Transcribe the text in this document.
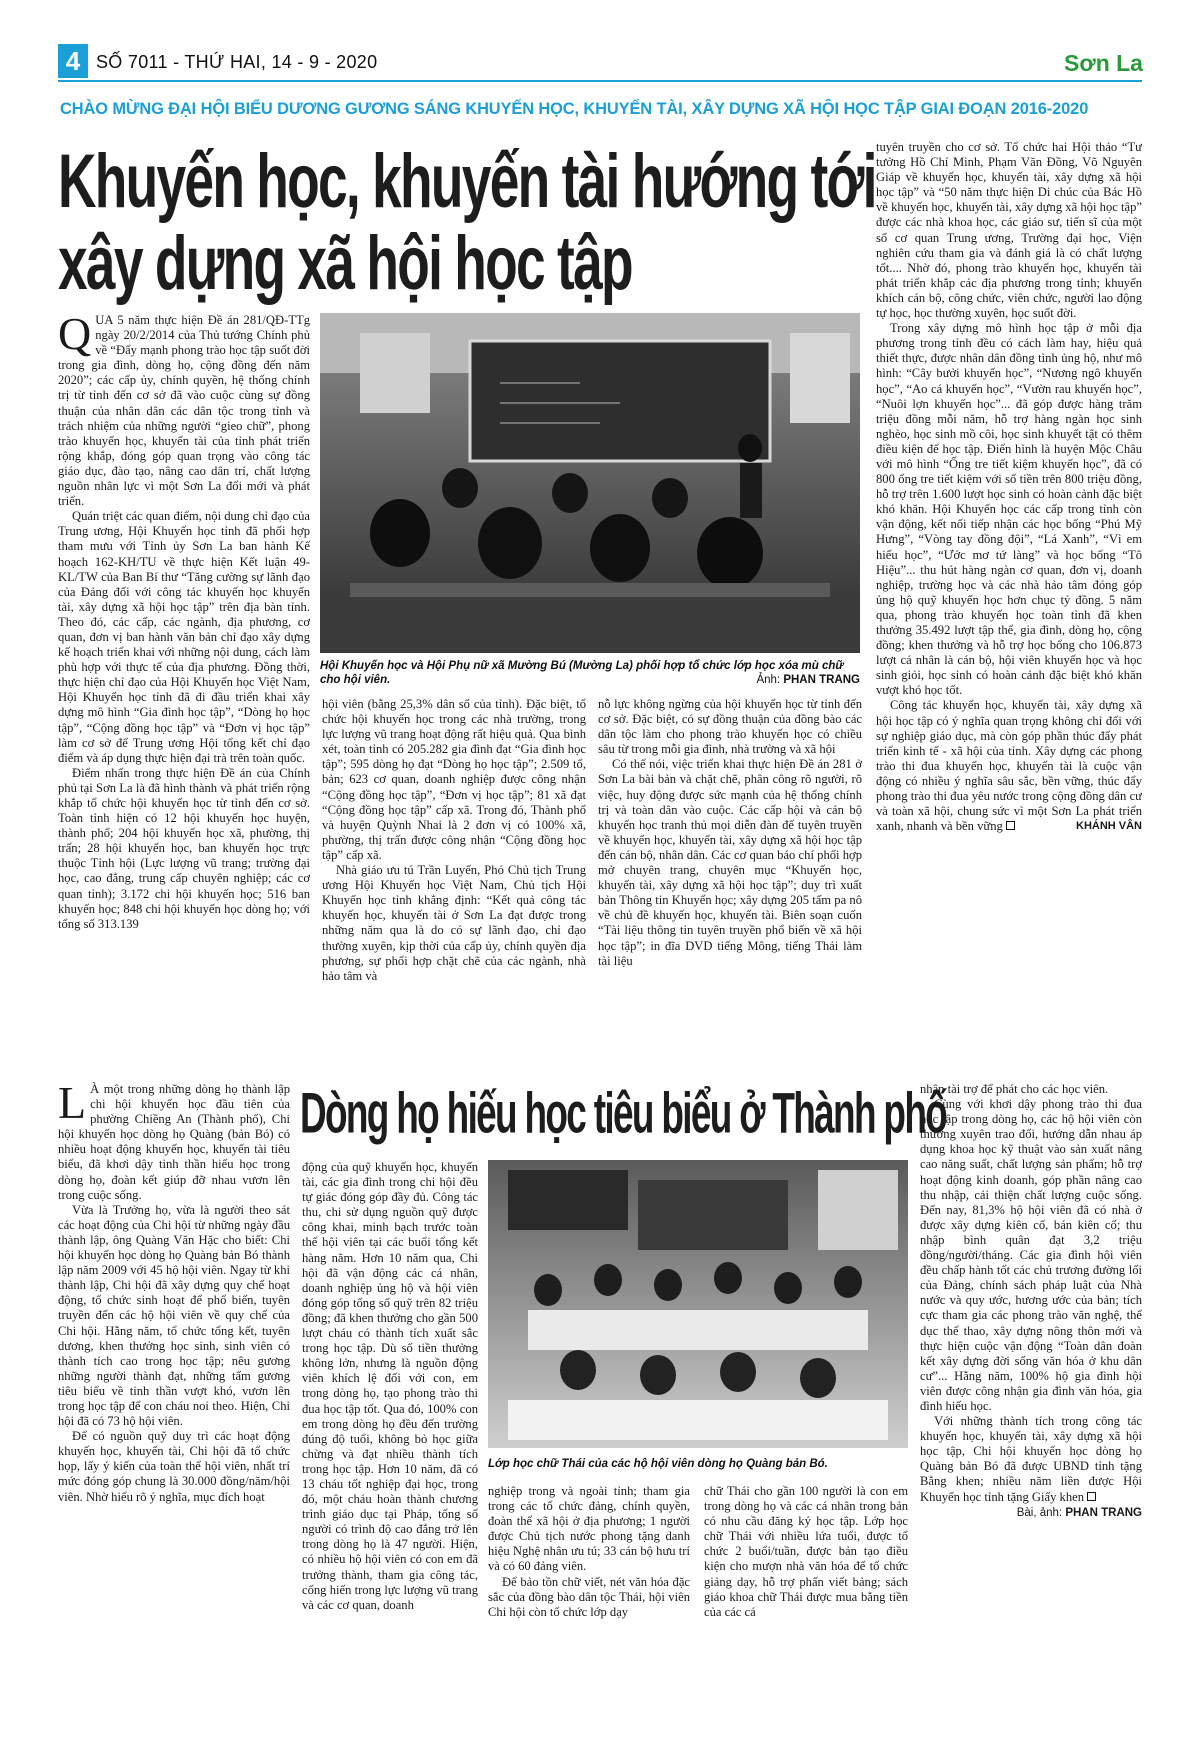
4 SỐ 7011 - THỨ HAI, 14 - 9 - 2020	Sơn La
CHÀO MỪNG ĐẠI HỘI BIỂU DƯƠNG GƯƠNG SÁNG KHUYẾN HỌC, KHUYẾN TÀI, XÂY DỰNG XÃ HỘI HỌC TẬP GIAI ĐOẠN 2016-2020
Khuyến học, khuyến tài hướng tới
xây dựng xã hội học tập
Hội Khuyến học và Hội Phụ nữ xã Mường Bú (Mường La) phối hợp tổ chức lớp học xóa mù chữ cho hội viên.	Ảnh: PHAN TRANG

QUA 5 năm thực hiện Đề án 281/QĐ-TTg ngày 20/2/2014 của Thủ tướng Chính phủ về “Đẩy mạnh phong trào học tập suốt đời trong gia đình, dòng họ, cộng đồng đến năm 2020”; các cấp ủy, chính quyền, hệ thống chính trị từ tỉnh đến cơ sở đã vào cuộc cùng sự đồng thuận của nhân dân các dân tộc trong tỉnh và trách nhiệm của những người “gieo chữ”, phong trào khuyến học, khuyến tài của tỉnh phát triển rộng khắp, đóng góp quan trọng vào công tác giáo dục, đào tạo, nâng cao dân trí, chất lượng nguồn nhân lực vì một Sơn La đổi mới và phát triển.

Quán triệt các quan điểm, nội dung chỉ đạo của Trung ương, Hội Khuyến học tỉnh đã phối hợp tham mưu với Tỉnh ủy Sơn La ban hành Kế hoạch 162-KH/TU về thực hiện Kết luận 49-KL/TW của Ban Bí thư “Tăng cường sự lãnh đạo của Đảng đối với công tác khuyến học khuyến tài, xây dựng xã hội học tập” trên địa bàn tỉnh. Theo đó, các cấp, các ngành, địa phương, cơ quan, đơn vị ban hành văn bản chỉ đạo xây dựng kế hoạch triển khai với những nội dung, cách làm phù hợp với thực tế của địa phương. Đồng thời, thực hiện chỉ đạo của Hội Khuyến học Việt Nam, Hội Khuyến học tỉnh đã đi đầu triển khai xây dựng mô hình “Gia đình học tập”, “Dòng họ học tập”, “Cộng đồng học tập” và “Đơn vị học tập” làm cơ sở để Trung ương Hội tổng kết chỉ đạo điểm và áp dụng thực hiện đại trà trên toàn quốc.

Điểm nhấn trong thực hiện Đề án của Chính phủ tại Sơn La là đã hình thành và phát triển rộng khắp tổ chức hội khuyến học từ tỉnh đến cơ sở. Toàn tỉnh hiện có 12 hội khuyến học huyện, thành phố; 204 hội khuyến học xã, phường, thị trấn; 28 hội khuyến học, ban khuyến học trực thuộc Tỉnh hội (Lực lượng vũ trang; trường đại học, cao đẳng, trung cấp chuyên nghiệp; các cơ quan tỉnh); 3.172 chi hội khuyến học; 516 ban khuyến học; 848 chi hội khuyến học dòng họ; với tổng số 313.139

hội viên (bằng 25,3% dân số của tỉnh). Đặc biệt, tổ chức hội khuyến học trong các nhà trường, trong lực lượng vũ trang hoạt động rất hiệu quả. Qua bình xét, toàn tỉnh có 205.282 gia đình đạt “Gia đình học tập”; 595 dòng họ đạt “Dòng họ học tập”; 2.509 tổ, bản; 623 cơ quan, doanh nghiệp được công nhận “Cộng đồng học tập”, “Đơn vị học tập”; 81 xã đạt “Cộng đồng học tập” cấp xã. Trong đó, Thành phố và huyện Quỳnh Nhai là 2 đơn vị có 100% xã, phường, thị trấn được công nhận “Cộng đồng học tập” cấp xã.

Nhà giáo ưu tú Trần Luyến, Phó Chủ tịch Trung ương Hội Khuyến học Việt Nam, Chủ tịch Hội Khuyến học tỉnh khẳng định: “Kết quả công tác khuyến học, khuyến tài ở Sơn La đạt được trong những năm qua là do có sự lãnh đạo, chỉ đạo thường xuyên, kịp thời của cấp ủy, chính quyền địa phương, sự phối hợp chặt chẽ của các ngành, nhà hảo tâm và

nỗ lực không ngừng của hội khuyến học từ tỉnh đến cơ sở. Đặc biệt, có sự đồng thuận của đồng bào các dân tộc làm cho phong trào khuyến học có chiều sâu từ trong mỗi gia đình, nhà trường và xã hội

Có thể nói, việc triển khai thực hiện Đề án 281 ở Sơn La bài bản và chặt chẽ, phân công rõ người, rõ việc, huy động được sức mạnh của hệ thống chính trị và toàn dân vào cuộc. Các cấp hội và cán bộ khuyến học tranh thủ mọi diễn đàn để tuyên truyền về khuyến học, khuyến tài, xây dựng xã hội học tập đến cán bộ, nhân dân. Các cơ quan báo chí phối hợp mở chuyên trang, chuyên mục “Khuyến học, khuyến tài, xây dựng xã hội học tập”; duy trì xuất bản Thông tin Khuyến học; xây dựng 205 tấm pa nô về chủ đề khuyến học, khuyến tài. Biên soạn cuốn “Tài liệu thông tin tuyên truyền phổ biến về xã hội học tập”; in đĩa DVD tiếng Mông, tiếng Thái làm tài liệu

tuyên truyền cho cơ sở. Tổ chức hai Hội thảo “Tư tưởng Hồ Chí Minh, Phạm Văn Đồng, Võ Nguyên Giáp về khuyến học, khuyến tài, xây dựng xã hội học tập” và “50 năm thực hiện Di chúc của Bác Hồ về khuyến học, khuyến tài, xây dựng xã hội học tập” được các nhà khoa học, các giáo sư, tiến sĩ của một số cơ quan Trung ương, Trường đại học, Viện nghiên cứu tham gia và đánh giá là có chất lượng tốt.... Nhờ đó, phong trào khuyến học, khuyến tài phát triển khắp các địa phương trong tỉnh; khuyến khích cán bộ, công chức, viên chức, người lao động tự học, học thường xuyên, học suốt đời.

Trong xây dựng mô hình học tập ở mỗi địa phương trong tỉnh đều có cách làm hay, hiệu quả thiết thực, được nhân dân đồng tình ủng hộ, như mô hình: “Cây bưởi khuyến học”, “Nương ngô khuyến học”, “Ao cá khuyến học”, “Vườn rau khuyến học”, “Nuôi lợn khuyến học”... đã góp được hàng trăm triệu đồng mỗi năm, hỗ trợ hàng ngàn học sinh nghèo, học sinh mồ côi, học sinh khuyết tật có thêm điều kiện để học tập. Điển hình là huyện Mộc Châu với mô hình “Ống tre tiết kiệm khuyến học”, đã có 800 ống tre tiết kiệm với số tiền trên 800 triệu đồng, hỗ trợ trên 1.600 lượt học sinh có hoàn cảnh đặc biệt khó khăn. Hội Khuyến học các cấp trong tỉnh còn vận động, kết nối tiếp nhận các học bổng “Phú Mỹ Hưng”, “Vòng tay đồng đội”, “Lá Xanh”, “Vì em hiếu học”, “Ước mơ tứ làng” và học bổng “Tô Hiệu”... thu hút hàng ngàn cơ quan, đơn vị, doanh nghiệp, trường học và các nhà hảo tâm đóng góp ủng hộ quỹ khuyến học hơn chục tỷ đồng. 5 năm qua, phong trào khuyến học toàn tỉnh đã khen thưởng 35.492 lượt tập thể, gia đình, dòng họ, cộng đồng; khen thưởng và hỗ trợ học bổng cho 106.873 lượt cá nhân là cán bộ, hội viên khuyến học và học sinh giỏi, học sinh có hoàn cảnh đặc biệt khó khăn vượt khó học tốt.

Công tác khuyến học, khuyến tài, xây dựng xã hội học tập có ý nghĩa quan trọng không chỉ đối với sự nghiệp giáo dục, mà còn góp phần thúc đẩy phát triển kinh tế - xã hội của tỉnh. Xây dựng các phong trào thi đua khuyến học, khuyến tài là cuộc vận động có nhiều ý nghĩa sâu sắc, bền vững, thúc đẩy phong trào thi đua yêu nước trong cộng đồng dân cư và toàn xã hội, chung sức vì một Sơn La phát triển xanh, nhanh và bền vững	KHÁNH VÂN

Dòng họ hiếu học tiêu biểu ở Thành phố
Lớp học chữ Thái của các hộ hội viên dòng họ Quàng bản Bó.

L À một trong những dòng họ thành lập chi hội khuyến học đầu tiên của phường Chiềng An (Thành phố), Chi hội khuyến học dòng họ Quàng (bản Bó) có nhiều hoạt động khuyến học, khuyến tài tiêu biểu, đã khơi dậy tinh thần hiếu học trong dòng họ, đoàn kết giúp đỡ nhau vươn lên trong cuộc sống.

Vừa là Trưởng họ, vừa là người theo sát các hoạt động của Chi hội từ những ngày đầu thành lập, ông Quàng Văn Hặc cho biết: Chi hội khuyến học dòng họ Quàng bản Bó thành lập năm 2009 với 45 hộ hội viên. Ngay từ khi thành lập, Chi hội đã xây dựng quy chế hoạt động, tổ chức sinh hoạt để phổ biến, tuyên truyền đến các hộ hội viên về quy chế của Chi hội. Hằng năm, tổ chức tổng kết, tuyên dương, khen thưởng học sinh, sinh viên có thành tích cao trong học tập; nêu gương những người thành đạt, những tấm gương tiêu biểu về tinh thần vượt khó, vươn lên trong học tập để con cháu noi theo. Hiện, Chi hội đã có 73 hộ hội viên.

Để có nguồn quỹ duy trì các hoạt động khuyến học, khuyến tài, Chi hội đã tổ chức họp, lấy ý kiến của toàn thể hội viên, nhất trí mức đóng góp chung là 30.000 đồng/năm/hội viên. Nhờ hiểu rõ ý nghĩa, mục đích hoạt

động của quỹ khuyến học, khuyến tài, các gia đình trong chi hội đều tự giác đóng góp đầy đủ. Công tác thu, chi sử dụng nguồn quỹ được công khai, minh bạch trước toàn thể hội viên tại các buổi tổng kết hàng năm. Hơn 10 năm qua, Chi hội đã vận động các cá nhân, doanh nghiệp ủng hộ và hội viên đóng góp tổng số quỹ trên 82 triệu đồng; đã khen thưởng cho gần 500 lượt cháu có thành tích xuất sắc trong học tập. Dù số tiền thưởng không lớn, nhưng là nguồn động viên khích lệ đối với con, em trong dòng họ, tạo phong trào thi đua học tập tốt. Qua đó, 100% con em trong dòng họ đều đến trường đúng độ tuổi, không bỏ học giữa chừng và đạt nhiều thành tích trong học tập. Hơn 10 năm, đã có 13 cháu tốt nghiệp đại học, trong đó, một cháu hoàn thành chương trình giáo dục tại Pháp, tổng số người có trình độ cao đẳng trở lên trong dòng họ là 47 người. Hiện, có nhiều hộ hội viên có con em đã trưởng thành, tham gia công tác, cống hiến trong lực lượng vũ trang và các cơ quan, doanh

nghiệp trong và ngoài tỉnh; tham gia trong các tổ chức đảng, chính quyền, đoàn thể xã hội ở địa phương; 1 người được Chủ tịch nước phong tặng danh hiệu Nghệ nhân ưu tú; 33 cán bộ hưu trí và có 60 đảng viên.

Để bảo tồn chữ viết, nét văn hóa đặc sắc của đồng bào dân tộc Thái, hội viên Chi hội còn tổ chức lớp dạy

chữ Thái cho gần 100 người là con em trong dòng họ và các cá nhân trong bản có nhu cầu đăng ký học tập. Lớp học chữ Thái với nhiều lứa tuổi, được tổ chức 2 buổi/tuần, được bản tạo điều kiện cho mượn nhà văn hóa để tổ chức giảng dạy, hỗ trợ phấn viết bảng; sách giáo khoa chữ Thái được mua bằng tiền của các cá

nhân tài trợ để phát cho các học viên.

Cùng với khơi dậy phong trào thi đua học tập trong dòng họ, các hộ hội viên còn thường xuyên trao đổi, hướng dẫn nhau áp dụng khoa học kỹ thuật vào sản xuất nâng cao năng suất, chất lượng sản phẩm; hỗ trợ hoạt động kinh doanh, góp phần nâng cao thu nhập, cải thiện chất lượng cuộc sống. Đến nay, 81,3% hộ hội viên đã có nhà ở được xây dựng kiên cố, bán kiên cố; thu nhập bình quân đạt 3,2 triệu đồng/người/tháng. Các gia đình hội viên đều chấp hành tốt các chủ trương đường lối của Đảng, chính sách pháp luật của Nhà nước và quy ước, hương ước của bản; tích cực tham gia các phong trào văn nghệ, thể dục thể thao, xây dựng nông thôn mới và thực hiện cuộc vận động “Toàn dân đoàn kết xây dựng đời sống văn hóa ở khu dân cư”... Hằng năm, 100% hộ gia đình hội viên được công nhận gia đình văn hóa, gia đình hiếu học.

Với những thành tích trong công tác khuyến học, khuyến tài, xây dựng xã hội học tập, Chi hội khuyến học dòng họ Quàng bản Bó đã được UBND tỉnh tặng Bằng khen; nhiều năm liền được Hội Khuyến học tỉnh tặng Giấy khen

Bài, ảnh: PHAN TRANG
